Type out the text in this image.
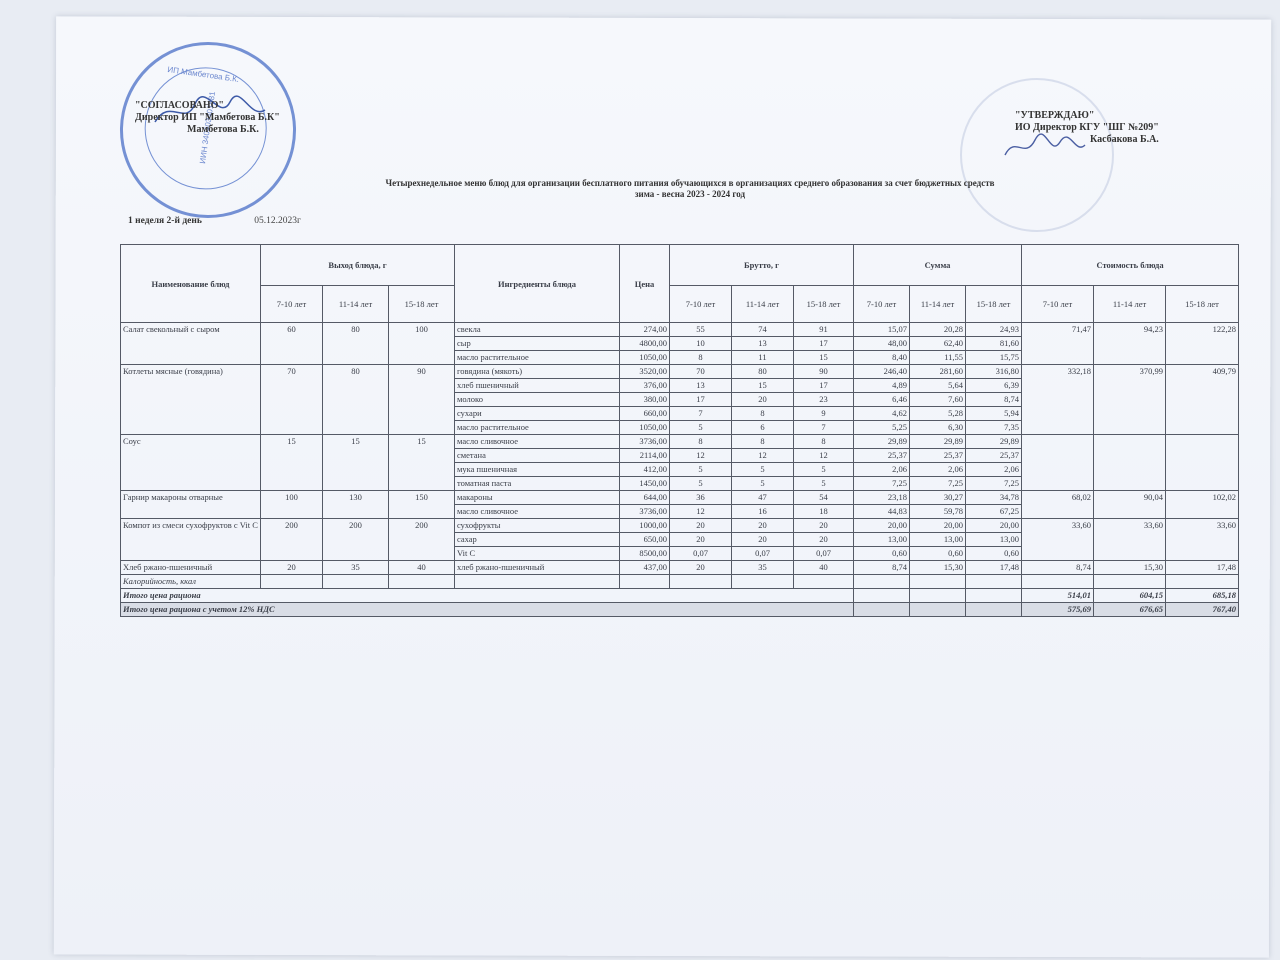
ИИН 340403401581
ИП Мамбетова Б.К.
"СОГЛАСОВАНО"
Директор ИП "Мамбетова Б.К"
Мамбетова Б.К.
"УТВЕРЖДАЮ"
ИО Директор КГУ "ШГ №209"
Касбакова Б.А.
Четырехнедельное меню блюд для организации бесплатного питания обучающихся в организациях среднего образования за счет бюджетных средств
зима - весна 2023 - 2024 год
1 неделя 2-й день	05.12.2023г
Наименование блюд	Выход блюда, г			Ингредиенты блюда	Цена	Брутто, г			Сумма			Стоимость блюда		
	7-10 лет	11-14 лет	15-18 лет			7-10 лет	11-14 лет	15-18 лет	7-10 лет	11-14 лет	15-18 лет	7-10 лет	11-14 лет	15-18 лет
Салат свекольный с сыром	60	80	100	свекла	274,00	55	74	91	15,07	20,28	24,93	71,47	94,23	122,28
				сыр	4800,00	10	13	17	48,00	62,40	81,60			
				масло растительное	1050,00	8	11	15	8,40	11,55	15,75			
Котлеты мясные (говядина)	70	80	90	говядина (мякоть)	3520,00	70	80	90	246,40	281,60	316,80	332,18	370,99	409,79
				хлеб пшеничный	376,00	13	15	17	4,89	5,64	6,39			
				молоко	380,00	17	20	23	6,46	7,60	8,74			
				сухари	660,00	7	8	9	4,62	5,28	5,94			
				масло растительное	1050,00	5	6	7	5,25	6,30	7,35			
Соус	15	15	15	масло сливочное	3736,00	8	8	8	29,89	29,89	29,89			
				сметана	2114,00	12	12	12	25,37	25,37	25,37			
				мука пшеничная	412,00	5	5	5	2,06	2,06	2,06			
				томатная паста	1450,00	5	5	5	7,25	7,25	7,25			
Гарнир макароны отварные	100	130	150	макароны	644,00	36	47	54	23,18	30,27	34,78	68,02	90,04	102,02
				масло сливочное	3736,00	12	16	18	44,83	59,78	67,25			
Компот из смеси сухофруктов с Vit C	200	200	200	сухофрукты	1000,00	20	20	20	20,00	20,00	20,00	33,60	33,60	33,60
				сахар	650,00	20	20	20	13,00	13,00	13,00			
				Vit C	8500,00	0,07	0,07	0,07	0,60	0,60	0,60			
Хлеб ржано-пшеничный	20	35	40	хлеб ржано-пшеничный	437,00	20	35	40	8,74	15,30	17,48	8,74	15,30	17,48
Калорийность, ккал														
Итого цена рациона												514,01	604,15	685,18
Итого цена рациона с учетом 12% НДС												575,69	676,65	767,40
